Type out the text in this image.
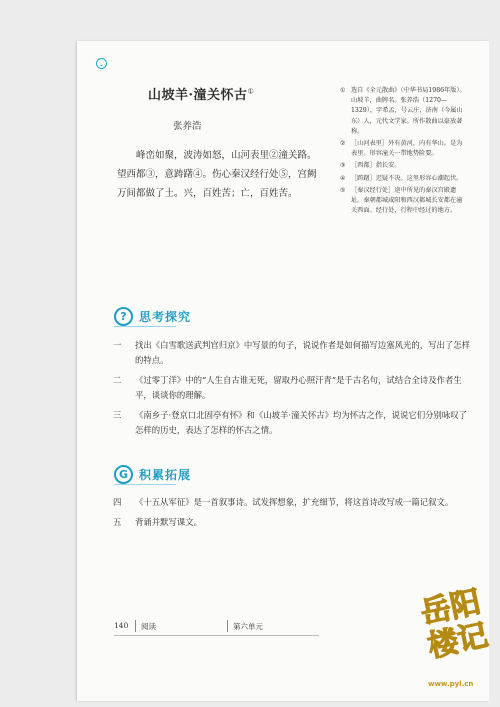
山坡羊·潼关怀古①
张养浩

峰峦如聚，波涛如怒，山河表里②潼关路。望西都③，意踌躇④。伤心秦汉经行处⑤，宫阙万间都做了土。兴，百姓苦；亡，百姓苦。

① 选自《全元散曲》（中华书局1986年版）。山坡羊，曲牌名。张养浩（1270—1329），字希孟，号云庄，济南（今属山东）人，元代文学家。所作散曲以豪放著称。
② ［山河表里］外有黄河，内有华山。是为表里。形容潼关一带地势险要。
③ ［西都］指长安。
④ ［踌躇］迟疑不决。这里形容心潮起伏。
⑤ ［秦汉经行处］途中所见的秦汉宫殿遗址。秦朝都城咸阳和西汉都城长安都在潼关西面。经行处，行程中经过的地方。
?	思考探究
一 找出《白雪歌送武判官归京》中写景的句子，说说作者是如何描写边塞风光的，写出了怎样的特点。
二 《过零丁洋》中的“人生自古谁无死，留取丹心照汗青”是千古名句，试结合全诗及作者生平，谈谈你的理解。
三 《南乡子·登京口北固亭有怀》和《山坡羊·潼关怀古》均为怀古之作，说说它们分别咏叹了怎样的历史，表达了怎样的怀古之情。
G 积累拓展
四 《十五从军征》是一首叙事诗。试发挥想象，扩充细节，将这首诗改写成一篇记叙文。
五 背诵并默写课文。
140 阅读	第六单元	岳阳
楼记
www.pyl.cn
